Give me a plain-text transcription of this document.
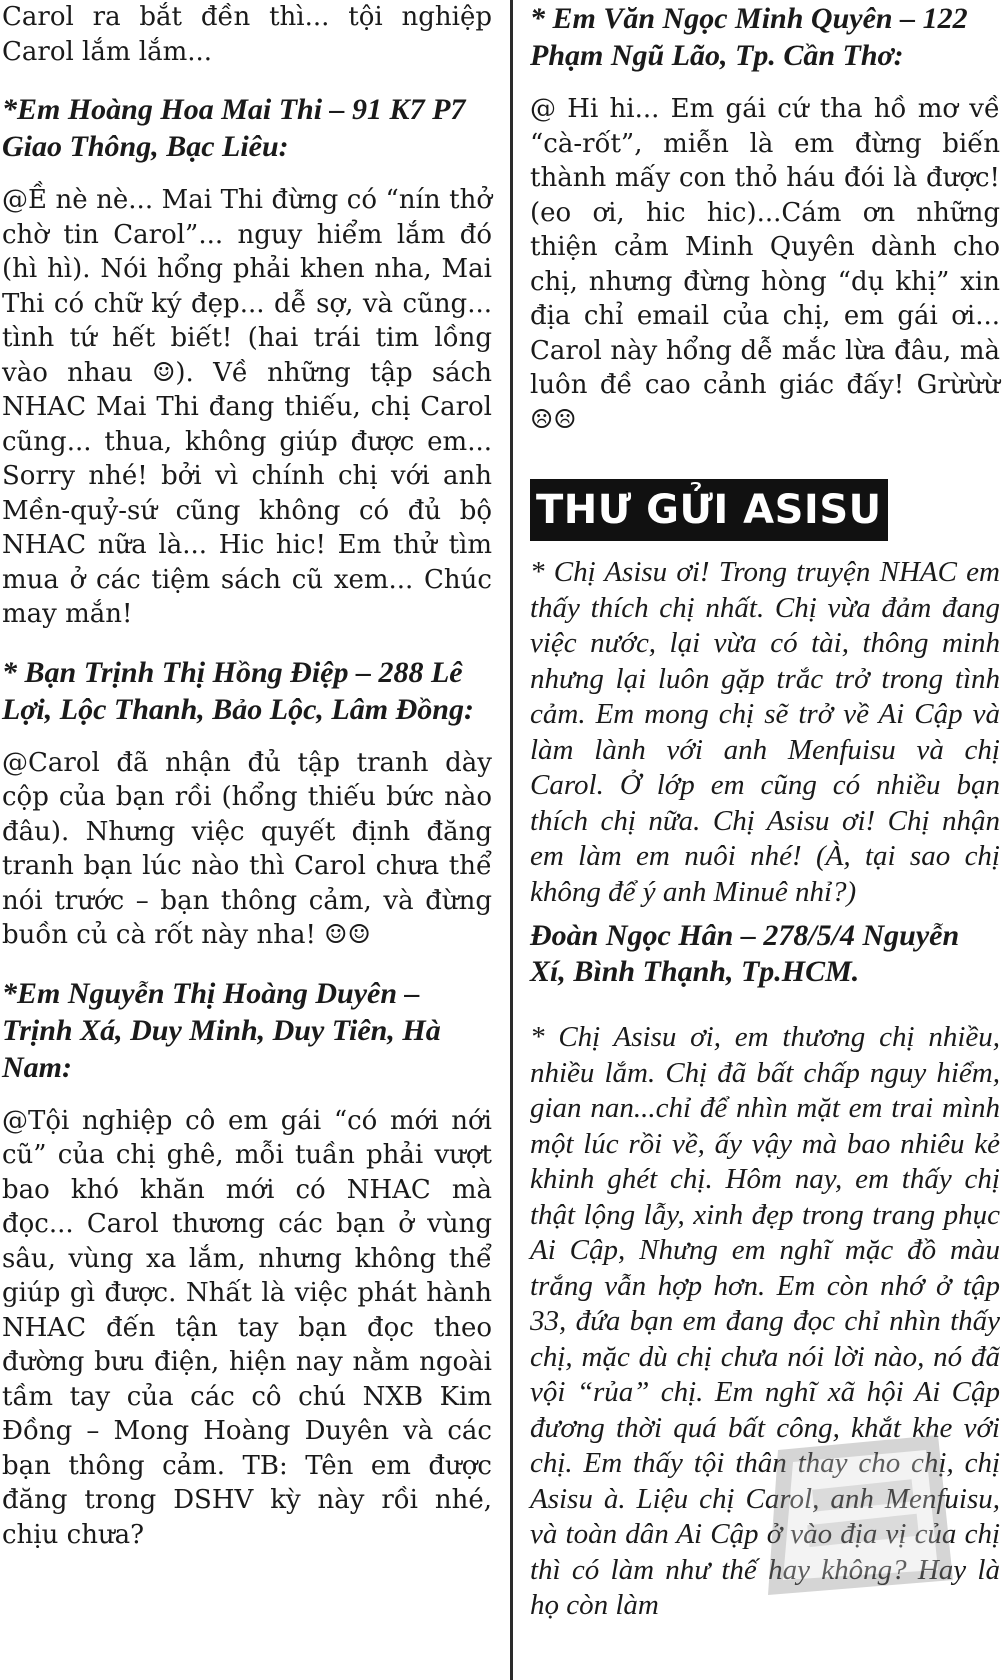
Carol ra bắt đền thì... tội nghiệp Carol lắm lắm...

*Em Hoàng Hoa Mai Thi – 91 K7 P7 Giao Thông, Bạc Liêu:

@Ề nè nè... Mai Thi đừng có “nín thở chờ tin Carol”... nguy hiểm lắm đó (hì hì). Nói hổng phải khen nha, Mai Thi có chữ ký đẹp... dễ sợ, và cũng... tình tứ hết biết! (hai trái tim lồng vào nhau ☺). Về những tập sách NHAC Mai Thi đang thiếu, chị Carol cũng... thua, không giúp được em... Sorry nhé! bởi vì chính chị với anh Mền-quỷ-sứ cũng không có đủ bộ NHAC nữa là... Hic hic! Em thử tìm mua ở các tiệm sách cũ xem... Chúc may mắn!

* Bạn Trịnh Thị Hồng Điệp – 288 Lê Lợi, Lộc Thanh, Bảo Lộc, Lâm Đồng:

@Carol đã nhận đủ tập tranh dày cộp của bạn rồi (hổng thiếu bức nào đâu). Nhưng việc quyết định đăng tranh bạn lúc nào thì Carol chưa thể nói trước – bạn thông cảm, và đừng buồn củ cà rốt này nha! ☺☺

*Em Nguyễn Thị Hoàng Duyên – Trịnh Xá, Duy Minh, Duy Tiên, Hà Nam:

@Tội nghiệp cô em gái “có mới nới cũ” của chị ghê, mỗi tuần phải vượt bao khó khăn mới có NHAC mà đọc... Carol thương các bạn ở vùng sâu, vùng xa lắm, nhưng không thể giúp gì được. Nhất là việc phát hành NHAC đến tận tay bạn đọc theo đường bưu điện, hiện nay nằm ngoài tầm tay của các cô chú NXB Kim Đồng – Mong Hoàng Duyên và các bạn thông cảm. TB: Tên em được đăng trong DSHV kỳ này rồi nhé, chịu chưa?

* Em Văn Ngọc Minh Quyên – 122 Phạm Ngũ Lão, Tp. Cần Thơ:

@ Hi hi... Em gái cứ tha hồ mơ về “cà-rốt”, miễn là em đừng biến thành mấy con thỏ háu đói là được! (eo ơi, hic hic)...Cám ơn những thiện cảm Minh Quyên dành cho chị, nhưng đừng hòng “dụ khị” xin địa chỉ email của chị, em gái ơi... Carol này hổng dễ mắc lừa đâu, mà luôn đề cao cảnh giác đấy! Grừừừ ☹☹

THƯ GỬI ASISU

* Chị Asisu ơi! Trong truyện NHAC em thấy thích chị nhất. Chị vừa đảm đang việc nước, lại vừa có tài, thông minh nhưng lại luôn gặp trắc trở trong tình cảm. Em mong chị sẽ trở về Ai Cập và làm lành với anh Menfuisu và chị Carol. Ở lớp em cũng có nhiều bạn thích chị nữa. Chị Asisu ơi! Chị nhận em làm em nuôi nhé! (À, tại sao chị không để ý anh Minuê nhỉ?)

Đoàn Ngọc Hân – 278/5/4 Nguyễn Xí, Bình Thạnh, Tp.HCM.

* Chị Asisu ơi, em thương chị nhiều, nhiều lắm. Chị đã bất chấp nguy hiểm, gian nan...chỉ để nhìn mặt em trai mình một lúc rồi về, ấy vậy mà bao nhiêu kẻ khinh ghét chị. Hôm nay, em thấy chị thật lộng lẫy, xinh đẹp trong trang phục Ai Cập, Nhưng em nghĩ mặc đồ màu trắng vẫn hợp hơn. Em còn nhớ ở tập 33, đứa bạn em đang đọc chỉ nhìn thấy chị, mặc dù chị chưa nói lời nào, nó đã vội “rủa” chị. Em nghĩ xã hội Ai Cập đương thời quá bất công, khắt khe với chị. Em thấy tội thân thay cho chị, chị Asisu à. Liệu chị Carol, anh Menfuisu, và toàn dân Ai Cập ở vào địa vị của chị thì có làm như thế hay không? Hay là họ còn làm
